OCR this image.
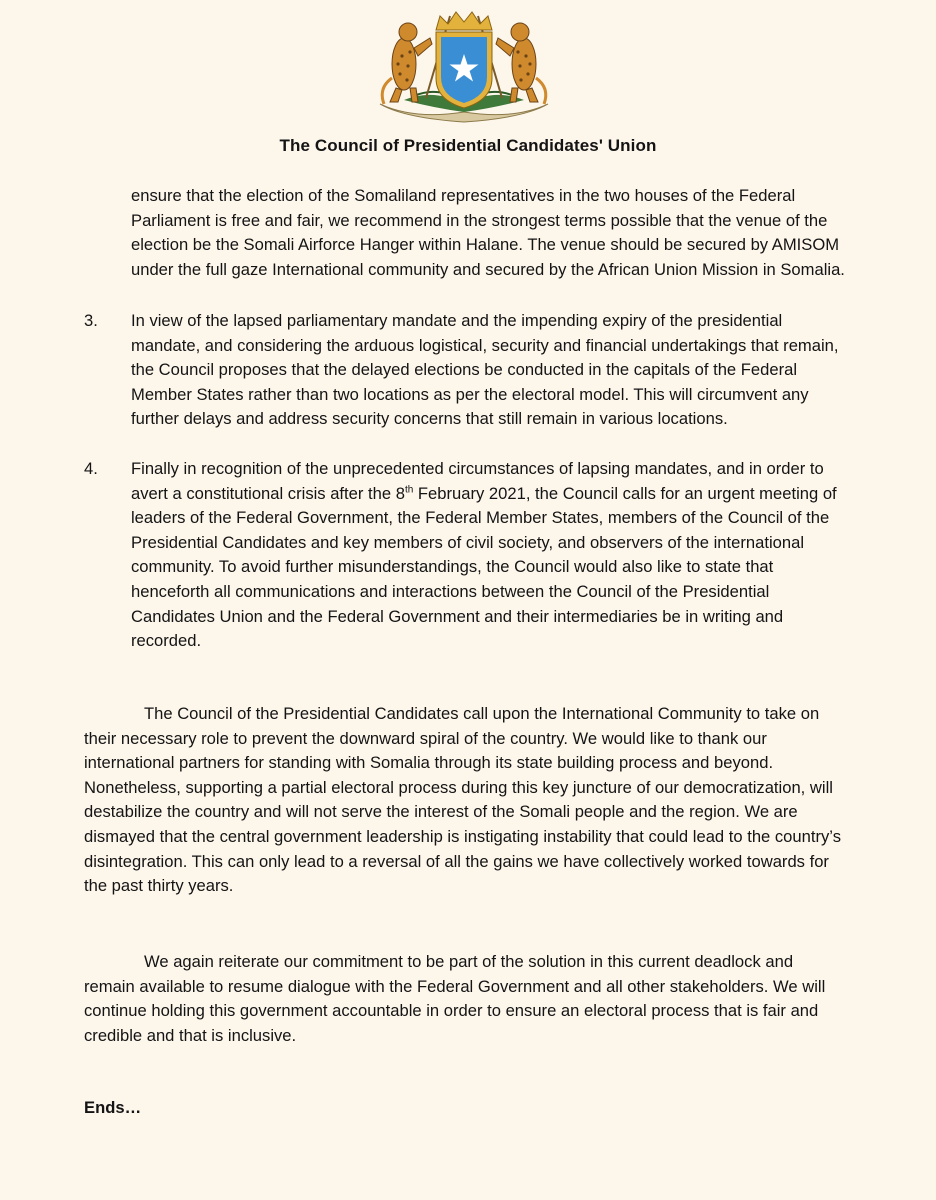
The Council of Presidential Candidates' Union
ensure that the election of the Somaliland representatives in the two houses of the Federal Parliament is free and fair, we recommend in the strongest terms possible that the venue of the election be the Somali Airforce Hanger within Halane. The venue should be secured by AMISOM under the full gaze International community and secured by the African Union Mission in Somalia.
3.	In view of the lapsed parliamentary mandate and the impending expiry of the presidential mandate, and considering the arduous logistical, security and financial undertakings that remain, the Council proposes that the delayed elections be conducted in the capitals of the Federal Member States rather than two locations as per the electoral model. This will circumvent any further delays and address security concerns that still remain in various locations.
4.	Finally in recognition of the unprecedented circumstances of lapsing mandates, and in order to avert a constitutional crisis after the 8th February 2021, the Council calls for an urgent meeting of leaders of the Federal Government, the Federal Member States, members of the Council of the Presidential Candidates and key members of civil society, and observers of the international community. To avoid further misunderstandings, the Council would also like to state that henceforth all communications and interactions between the Council of the Presidential Candidates Union and the Federal Government and their intermediaries be in writing and recorded.
The Council of the Presidential Candidates call upon the International Community to take on their necessary role to prevent the downward spiral of the country. We would like to thank our international partners for standing with Somalia through its state building process and beyond. Nonetheless, supporting a partial electoral process during this key juncture of our democratization, will destabilize the country and will not serve the interest of the Somali people and the region. We are dismayed that the central government leadership is instigating instability that could lead to the country’s disintegration. This can only lead to a reversal of all the gains we have collectively worked towards for the past thirty years.
We again reiterate our commitment to be part of the solution in this current deadlock and remain available to resume dialogue with the Federal Government and all other stakeholders. We will continue holding this government accountable in order to ensure an electoral process that is fair and credible and that is inclusive.
Ends…
